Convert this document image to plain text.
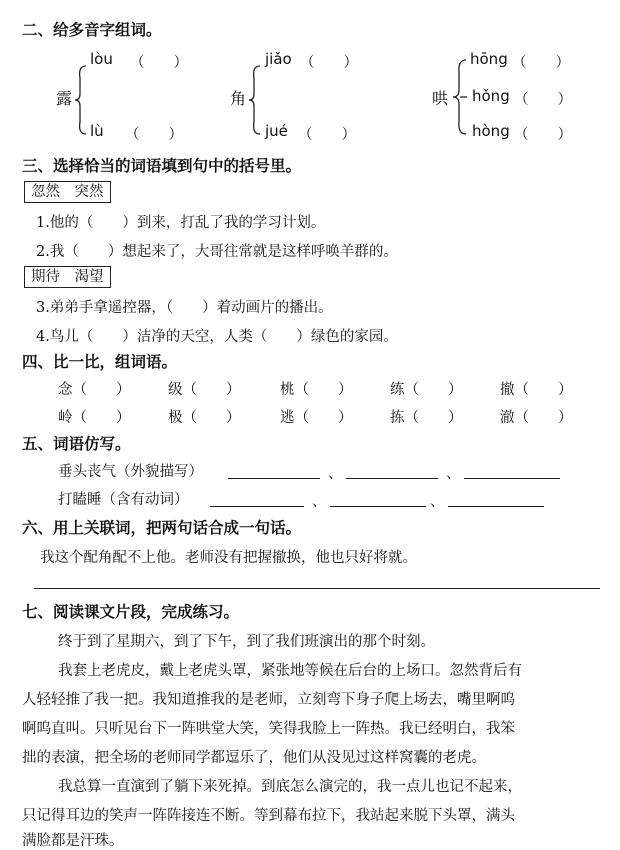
二、给多音字组词。
露
lòu （　　）
lù （　　）
角
jiǎo （　　）
jué （　　）
哄
hōng （　　）
hǒng （　　）
hòng （　　）
三、选择恰当的词语填到句中的括号里。
忽然　突然
1.他的（　　）到来，打乱了我的学习计划。
2.我（　　）想起来了，大哥往常就是这样呼唤羊群的。
期待　渴望
3.弟弟手拿遥控器，（　　）着动画片的播出。
4.鸟儿（　　）洁净的天空，人类（　　）绿色的家园。
四、比一比，组词语。
念（　　）	级（　　）	桃（　　）	练（　　）	撤（　　）
岭（　　）	极（　　）	逃（　　）	拣（　　）	澈（　　）
五、词语仿写。
垂头丧气（外貌描写）	、	、
打瞌睡（含有动词）	、	、
六、用上关联词，把两句话合成一句话。
我这个配角配不上他。老师没有把握撤换，他也只好将就。
七、阅读课文片段，完成练习。
终于到了星期六，到了下午，到了我们班演出的那个时刻。
我套上老虎皮，戴上老虎头罩，紧张地等候在后台的上场口。忽然背后有
人轻轻推了我一把。我知道推我的是老师，立刻弯下身子爬上场去，嘴里啊呜
啊呜直叫。只听见台下一阵哄堂大笑，笑得我脸上一阵热。我已经明白，我笨
拙的表演，把全场的老师同学都逗乐了，他们从没见过这样窝囊的老虎。
我总算一直演到了躺下来死掉。到底怎么演完的，我一点儿也记不起来，
只记得耳边的笑声一阵阵接连不断。等到幕布拉下，我站起来脱下头罩，满头
满脸都是汗珠。
